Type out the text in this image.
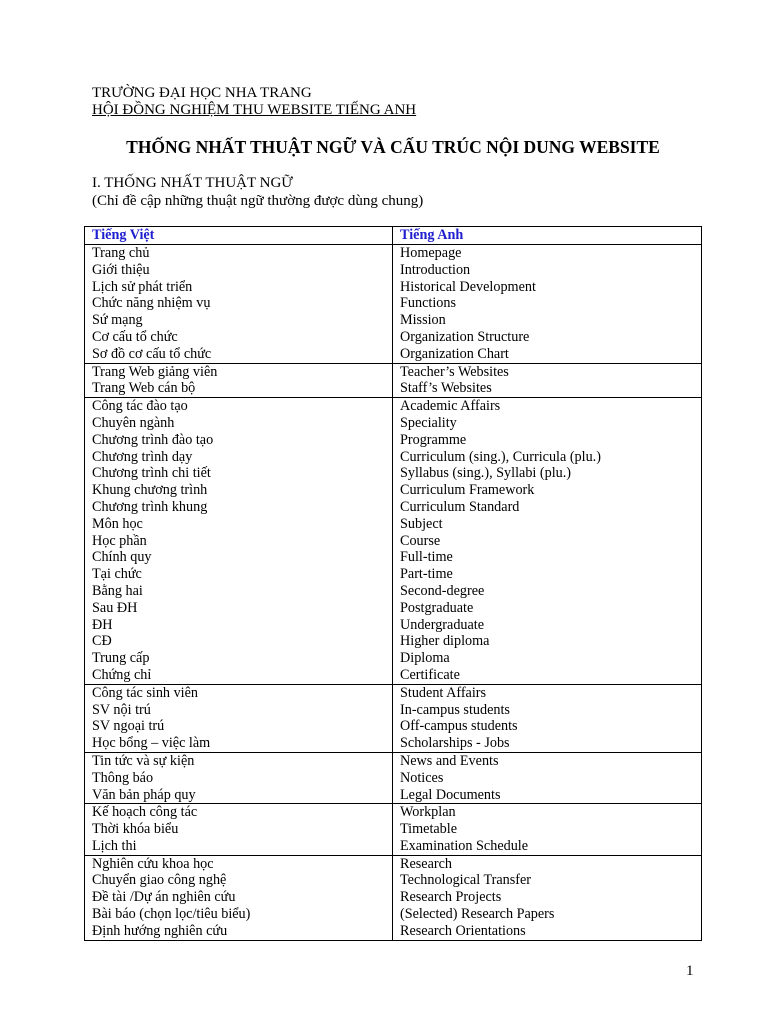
TRƯỜNG ĐẠI HỌC NHA TRANG
HỘI ĐỒNG NGHIỆM THU WEBSITE TIẾNG ANH
THỐNG NHẤT THUẬT NGỮ VÀ CẤU TRÚC NỘI DUNG WEBSITE
I. THỐNG NHẤT THUẬT NGỮ
(Chỉ đề cập những thuật ngữ thường được dùng chung)
Tiếng Việt	Tiếng Anh
Trang chủ	Homepage
Giới thiệu	Introduction
Lịch sử phát triển	Historical Development
Chức năng nhiệm vụ	Functions
Sứ mạng	Mission
Cơ cấu tổ chức	Organization Structure
Sơ đồ cơ cấu tổ chức	Organization Chart
Trang Web giảng viên	Teacher’s Websites
Trang Web cán bộ	Staff’s Websites
Công tác đào tạo	Academic Affairs
Chuyên ngành	Speciality
Chương trình đào tạo	Programme
Chương trình dạy	Curriculum (sing.), Curricula (plu.)
Chương trình chi tiết	Syllabus (sing.), Syllabi (plu.)
Khung chương trình	Curriculum Framework
Chương trình khung	Curriculum Standard
Môn học	Subject
Học phần	Course
Chính quy	Full-time
Tại chức	Part-time
Bằng hai	Second-degree
Sau ĐH	Postgraduate
ĐH	Undergraduate
CĐ	Higher diploma
Trung cấp	Diploma
Chứng chỉ	Certificate
Công tác sinh viên	Student Affairs
SV nội trú	In-campus students
SV ngoại trú	Off-campus students
Học bổng – việc làm	Scholarships - Jobs
Tin tức và sự kiện	News and Events
Thông báo	Notices
Văn bản pháp quy	Legal Documents
Kế hoạch công tác	Workplan
Thời khóa biểu	Timetable
Lịch thi	Examination Schedule
Nghiên cứu khoa học	Research
Chuyển giao công nghệ	Technological Transfer
Đề tài /Dự án nghiên cứu	Research Projects
Bài báo (chọn lọc/tiêu biểu)	(Selected) Research Papers
Định hướng nghiên cứu	Research Orientations
1
